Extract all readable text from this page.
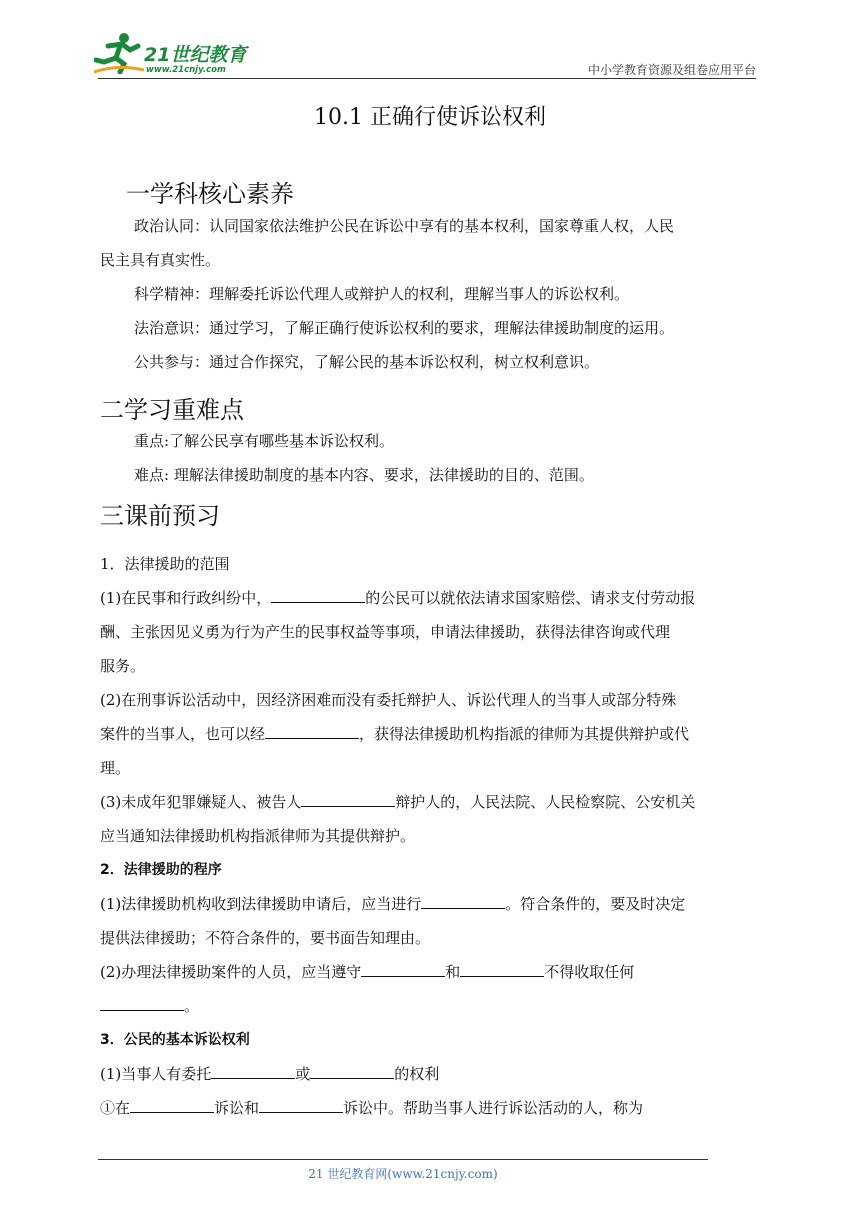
21世纪教育
www.21cnjy.com	中小学教育资源及组卷应用平台
10.1 正确行使诉讼权利
一学科核心素养
政治认同：认同国家依法维护公民在诉讼中享有的基本权利，国家尊重人权，人民
民主具有真实性。
科学精神：理解委托诉讼代理人或辩护人的权利，理解当事人的诉讼权利。
法治意识：通过学习，了解正确行使诉讼权利的要求，理解法律援助制度的运用。
公共参与：通过合作探究，了解公民的基本诉讼权利，树立权利意识。
二学习重难点
重点:了解公民享有哪些基本诉讼权利。
难点: 理解法律援助制度的基本内容、要求，法律援助的目的、范围。
三课前预习
1．法律援助的范围
(1)在民事和行政纠纷中，	的公民可以就依法请求国家赔偿、请求支付劳动报
酬、主张因见义勇为行为产生的民事权益等事项，申请法律援助，获得法律咨询或代理
服务。
(2)在刑事诉讼活动中，因经济困难而没有委托辩护人、诉讼代理人的当事人或部分特殊
案件的当事人，也可以经	，获得法律援助机构指派的律师为其提供辩护或代
理。
(3)未成年犯罪嫌疑人、被告人	辩护人的，人民法院、人民检察院、公安机关
应当通知法律援助机构指派律师为其提供辩护。
2．法律援助的程序
(1)法律援助机构收到法律援助申请后，应当进行	。符合条件的，要及时决定
提供法律援助；不符合条件的，要书面告知理由。
(2)办理法律援助案件的人员，应当遵守	和	不得收取任何
。
3．公民的基本诉讼权利
(1)当事人有委托	或	的权利
①在	诉讼和	诉讼中。帮助当事人进行诉讼活动的人，称为
21 世纪教育网(www.21cnjy.com)
